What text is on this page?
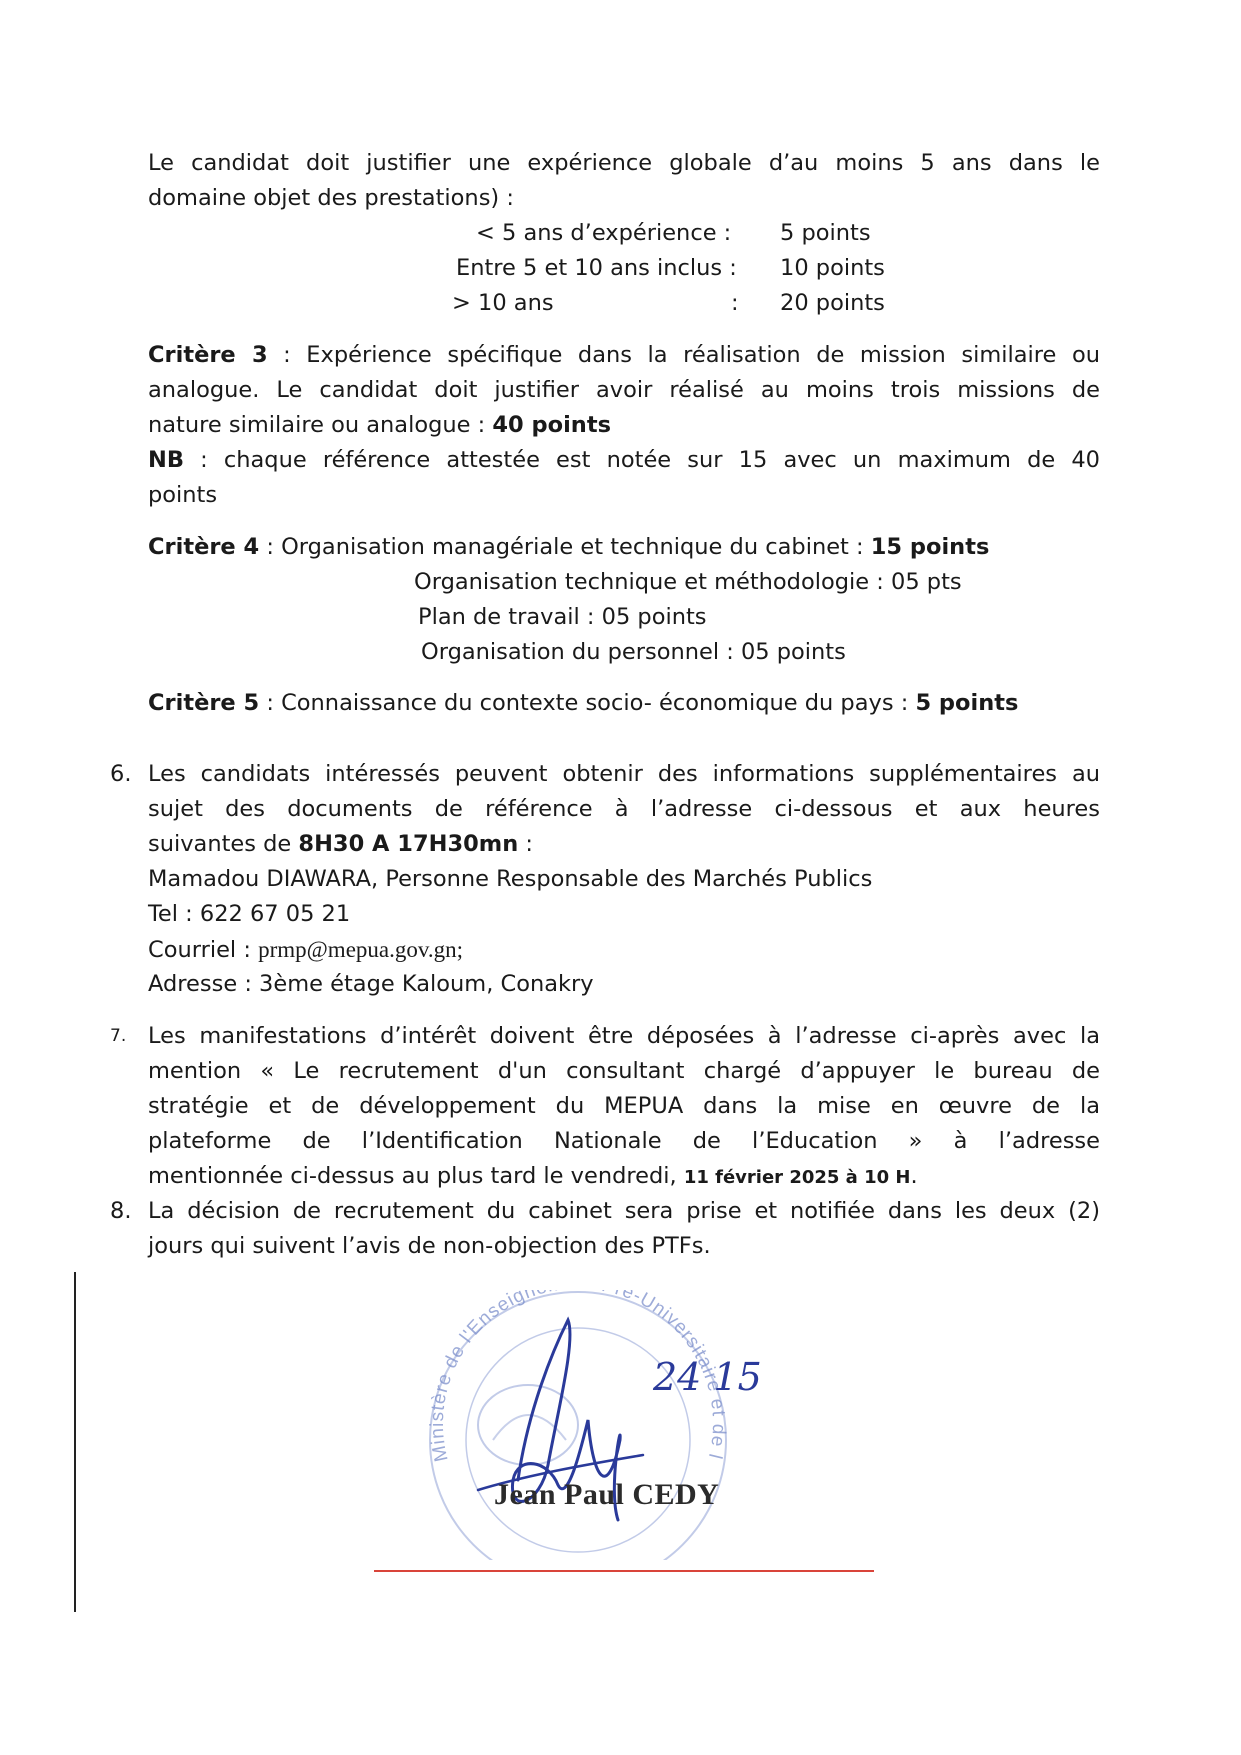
Le candidat doit justifier une expérience globale d’au moins 5 ans dans le

domaine objet des prestations) :

< 5 ans d’expérience : 5 points
Entre 5 et 10 ans inclus : 10 points
> 10 ans	: 20 points

Critère 3 : Expérience spécifique dans la réalisation de mission similaire ou

analogue. Le candidat doit justifier avoir réalisé au moins trois missions de

nature similaire ou analogue : 40 points

NB : chaque référence attestée est notée sur 15 avec un maximum de 40

points

Critère 4 : Organisation managériale et technique du cabinet : 15 points

Organisation technique et méthodologie : 05 pts
Plan de travail : 05 points
Organisation du personnel : 05 points

Critère 5 : Connaissance du contexte socio- économique du pays : 5 points

6. Les candidats intéressés peuvent obtenir des informations supplémentaires au

sujet des documents de référence à l’adresse ci-dessous et aux heures

suivantes de 8H30 A 17H30mn :

Mamadou DIAWARA, Personne Responsable des Marchés Publics

Tel : 622 67 05 21

Courriel : prmp@mepua.gov.gn;

Adresse : 3ème étage Kaloum, Conakry

7. Les manifestations d’intérêt doivent être déposées à l’adresse ci-après avec la

mention « Le recrutement d'un consultant chargé d’appuyer le bureau de

stratégie et de développement du MEPUA dans la mise en œuvre de la

plateforme de l’Identification Nationale de l’Education » à l’adresse

mentionnée ci-dessus au plus tard le vendredi, 11 février 2025 à 10 H.

8. La décision de recrutement du cabinet sera prise et notifiée dans les deux (2)

jours qui suivent l’avis de non-objection des PTFs.

Ministère de l'Enseign é-Universitaire et de l
24 15
Jean Paul CEDY
